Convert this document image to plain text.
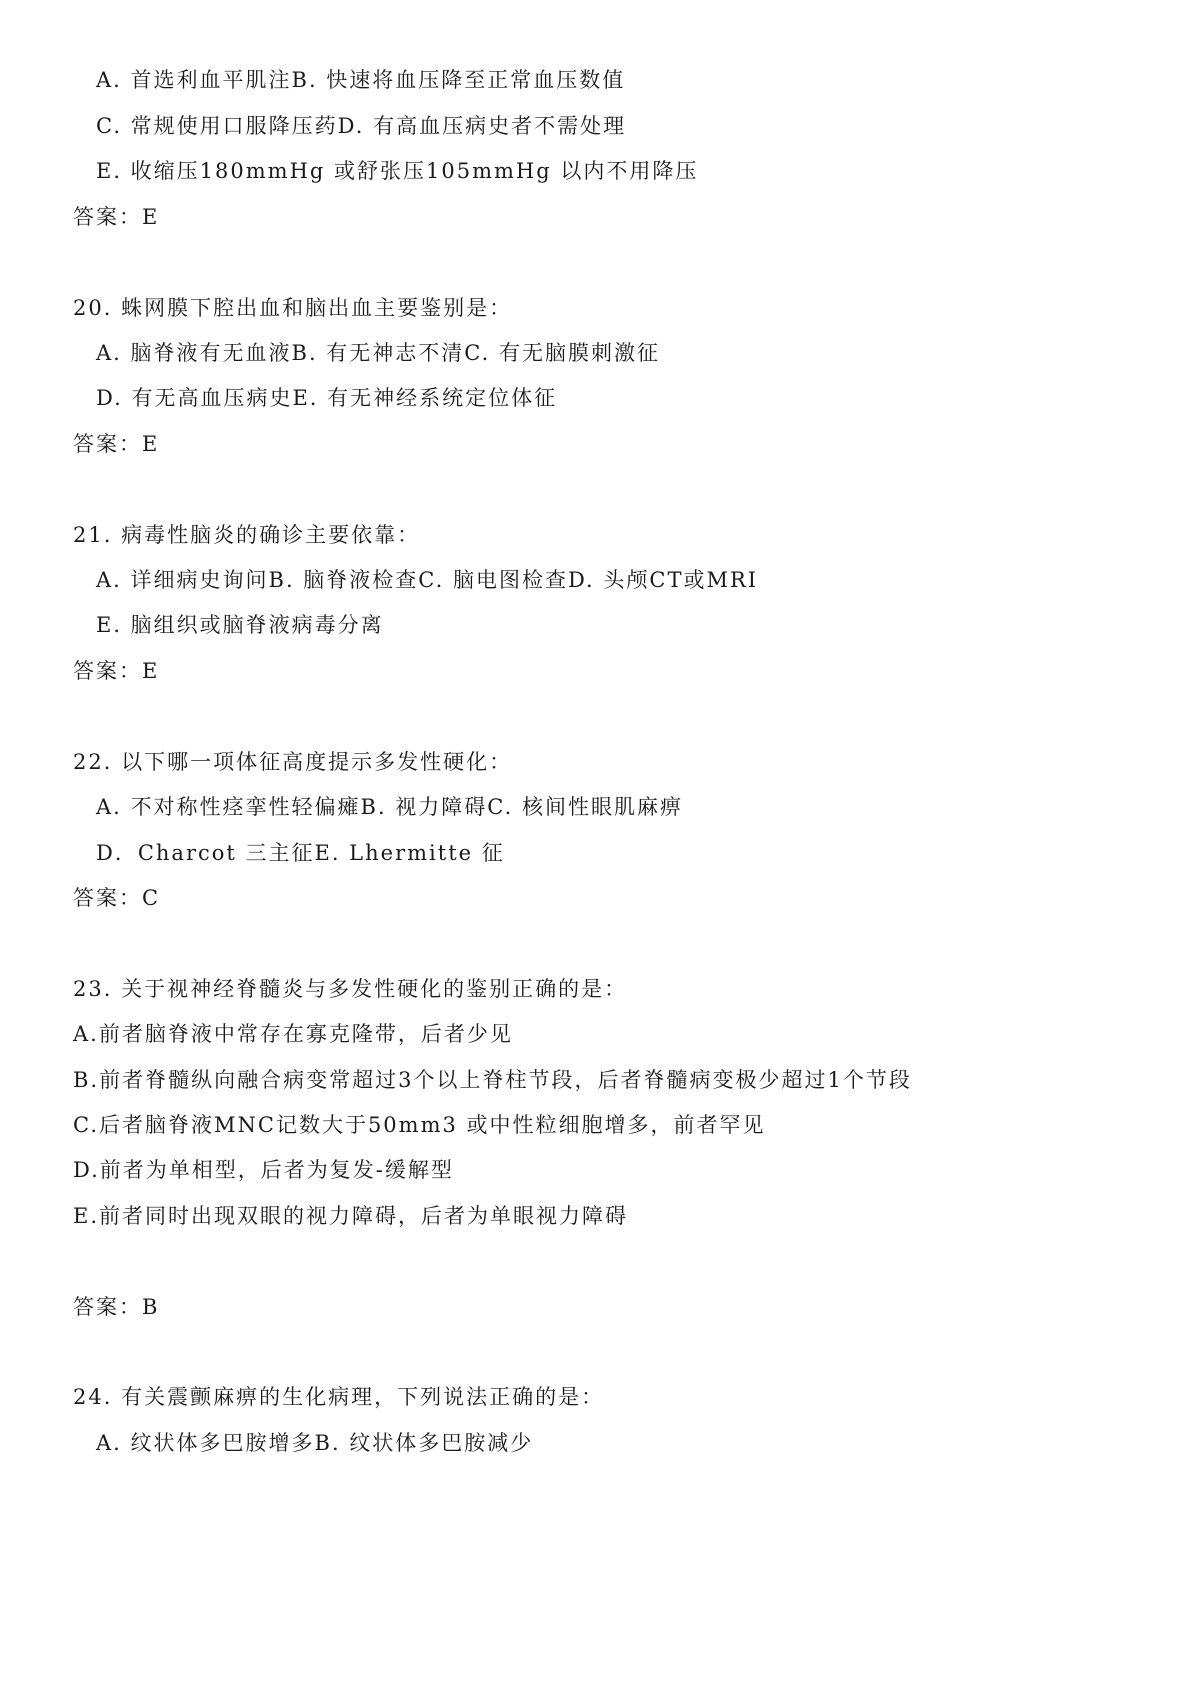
A. 首选利血平肌注B. 快速将血压降至正常血压数值
C. 常规使用口服降压药D. 有高血压病史者不需处理
E. 收缩压180mmHg 或舒张压105mmHg 以内不用降压
答案：E
20. 蛛网膜下腔出血和脑出血主要鉴别是：
A. 脑脊液有无血液B. 有无神志不清C. 有无脑膜刺激征
D. 有无高血压病史E. 有无神经系统定位体征
答案：E
21. 病毒性脑炎的确诊主要依靠：
A. 详细病史询问B. 脑脊液检查C. 脑电图检查D. 头颅CT或MRI
E. 脑组织或脑脊液病毒分离
答案：E
22. 以下哪一项体征高度提示多发性硬化：
A. 不对称性痉挛性轻偏瘫B. 视力障碍C. 核间性眼肌麻痹
D．Charcot 三主征E. Lhermitte 征
答案：C
23. 关于视神经脊髓炎与多发性硬化的鉴别正确的是：
A.前者脑脊液中常存在寡克隆带，后者少见
B.前者脊髓纵向融合病变常超过3个以上脊柱节段，后者脊髓病变极少超过1个节段
C.后者脑脊液MNC记数大于50mm3 或中性粒细胞增多，前者罕见
D.前者为单相型，后者为复发-缓解型
E.前者同时出现双眼的视力障碍，后者为单眼视力障碍
答案：B
24. 有关震颤麻痹的生化病理，下列说法正确的是：
A. 纹状体多巴胺增多B. 纹状体多巴胺减少
